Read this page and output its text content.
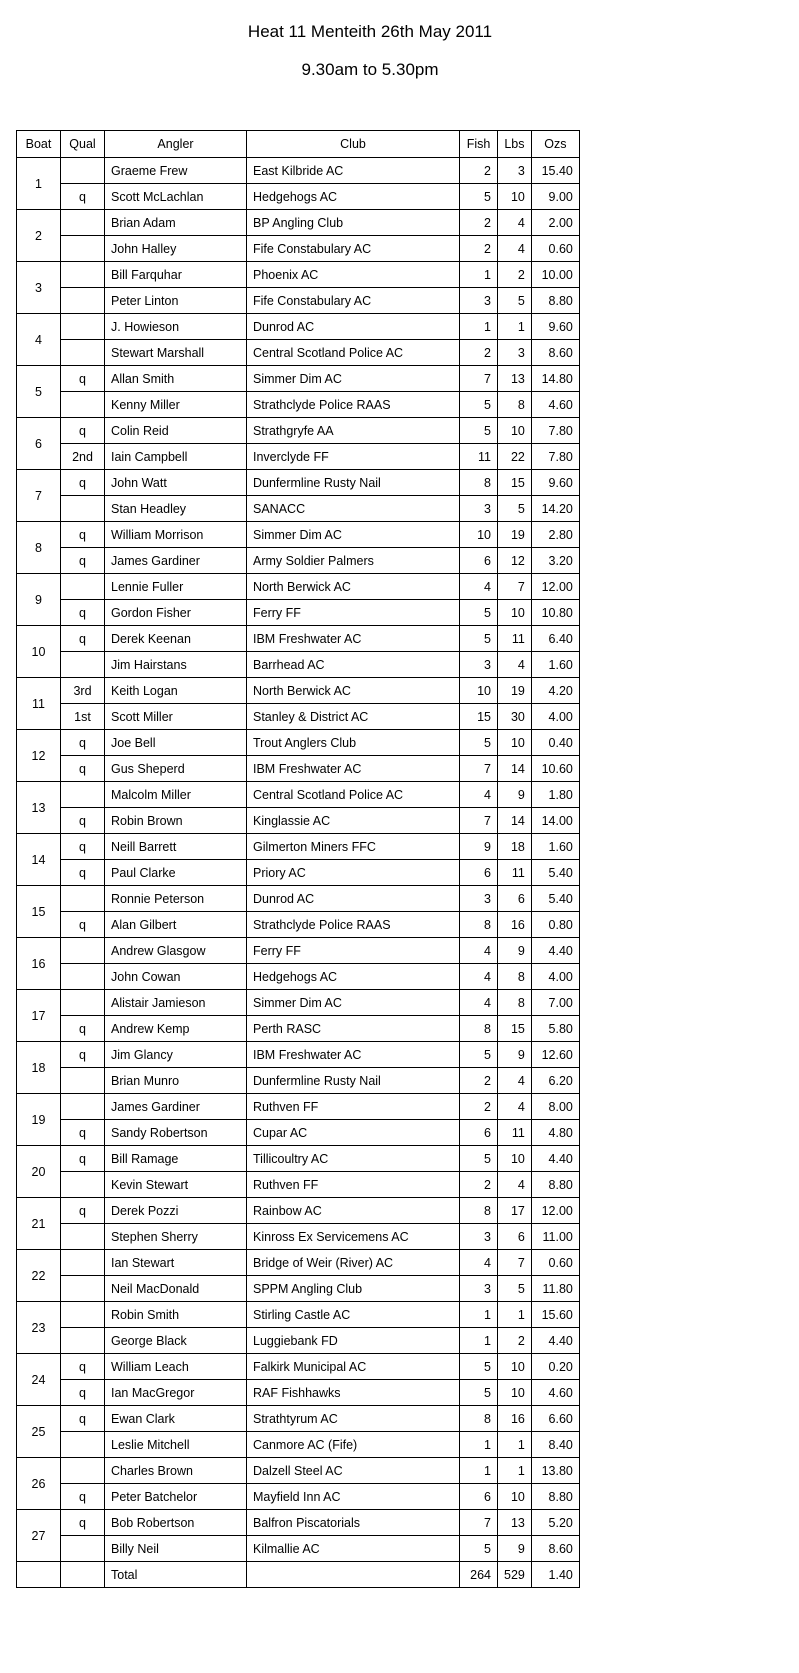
Heat 11 Menteith 26th May 2011
9.30am to 5.30pm
Boat	Qual	Angler	Club	Fish	Lbs	Ozs
1		Graeme Frew	East Kilbride AC	2	3	15.40
	q	Scott McLachlan	Hedgehogs AC	5	10	9.00
2		Brian Adam	BP Angling Club	2	4	2.00
		John Halley	Fife Constabulary AC	2	4	0.60
3		Bill Farquhar	Phoenix AC	1	2	10.00
		Peter Linton	Fife Constabulary AC	3	5	8.80
4		J. Howieson	Dunrod AC	1	1	9.60
		Stewart Marshall	Central Scotland Police AC	2	3	8.60
5	q	Allan Smith	Simmer Dim AC	7	13	14.80
		Kenny Miller	Strathclyde Police RAAS	5	8	4.60
6	q	Colin Reid	Strathgryfe AA	5	10	7.80
	2nd	Iain Campbell	Inverclyde FF	11	22	7.80
7	q	John Watt	Dunfermline Rusty Nail	8	15	9.60
		Stan Headley	SANACC	3	5	14.20
8	q	William Morrison	Simmer Dim AC	10	19	2.80
	q	James Gardiner	Army Soldier Palmers	6	12	3.20
9		Lennie Fuller	North Berwick AC	4	7	12.00
	q	Gordon Fisher	Ferry FF	5	10	10.80
10	q	Derek Keenan	IBM Freshwater AC	5	11	6.40
		Jim Hairstans	Barrhead AC	3	4	1.60
11	3rd	Keith Logan	North Berwick AC	10	19	4.20
	1st	Scott Miller	Stanley & District AC	15	30	4.00
12	q	Joe Bell	Trout Anglers Club	5	10	0.40
	q	Gus Sheperd	IBM Freshwater AC	7	14	10.60
13		Malcolm Miller	Central Scotland Police AC	4	9	1.80
	q	Robin Brown	Kinglassie AC	7	14	14.00
14	q	Neill Barrett	Gilmerton Miners FFC	9	18	1.60
	q	Paul Clarke	Priory AC	6	11	5.40
15		Ronnie Peterson	Dunrod AC	3	6	5.40
	q	Alan Gilbert	Strathclyde Police RAAS	8	16	0.80
16		Andrew Glasgow	Ferry FF	4	9	4.40
		John Cowan	Hedgehogs AC	4	8	4.00
17		Alistair Jamieson	Simmer Dim AC	4	8	7.00
	q	Andrew Kemp	Perth RASC	8	15	5.80
18	q	Jim Glancy	IBM Freshwater AC	5	9	12.60
		Brian Munro	Dunfermline Rusty Nail	2	4	6.20
19		James Gardiner	Ruthven FF	2	4	8.00
	q	Sandy Robertson	Cupar AC	6	11	4.80
20	q	Bill Ramage	Tillicoultry AC	5	10	4.40
		Kevin Stewart	Ruthven FF	2	4	8.80
21	q	Derek Pozzi	Rainbow AC	8	17	12.00
		Stephen Sherry	Kinross Ex Servicemens AC	3	6	11.00
22		Ian Stewart	Bridge of Weir (River) AC	4	7	0.60
		Neil MacDonald	SPPM Angling Club	3	5	11.80
23		Robin Smith	Stirling Castle AC	1	1	15.60
		George Black	Luggiebank FD	1	2	4.40
24	q	William Leach	Falkirk Municipal AC	5	10	0.20
	q	Ian MacGregor	RAF Fishhawks	5	10	4.60
25	q	Ewan Clark	Strathtyrum AC	8	16	6.60
		Leslie Mitchell	Canmore AC (Fife)	1	1	8.40
26		Charles Brown	Dalzell Steel AC	1	1	13.80
	q	Peter Batchelor	Mayfield Inn AC	6	10	8.80
27	q	Bob Robertson	Balfron Piscatorials	7	13	5.20
		Billy Neil	Kilmallie AC	5	9	8.60
		Total		264	529	1.40
